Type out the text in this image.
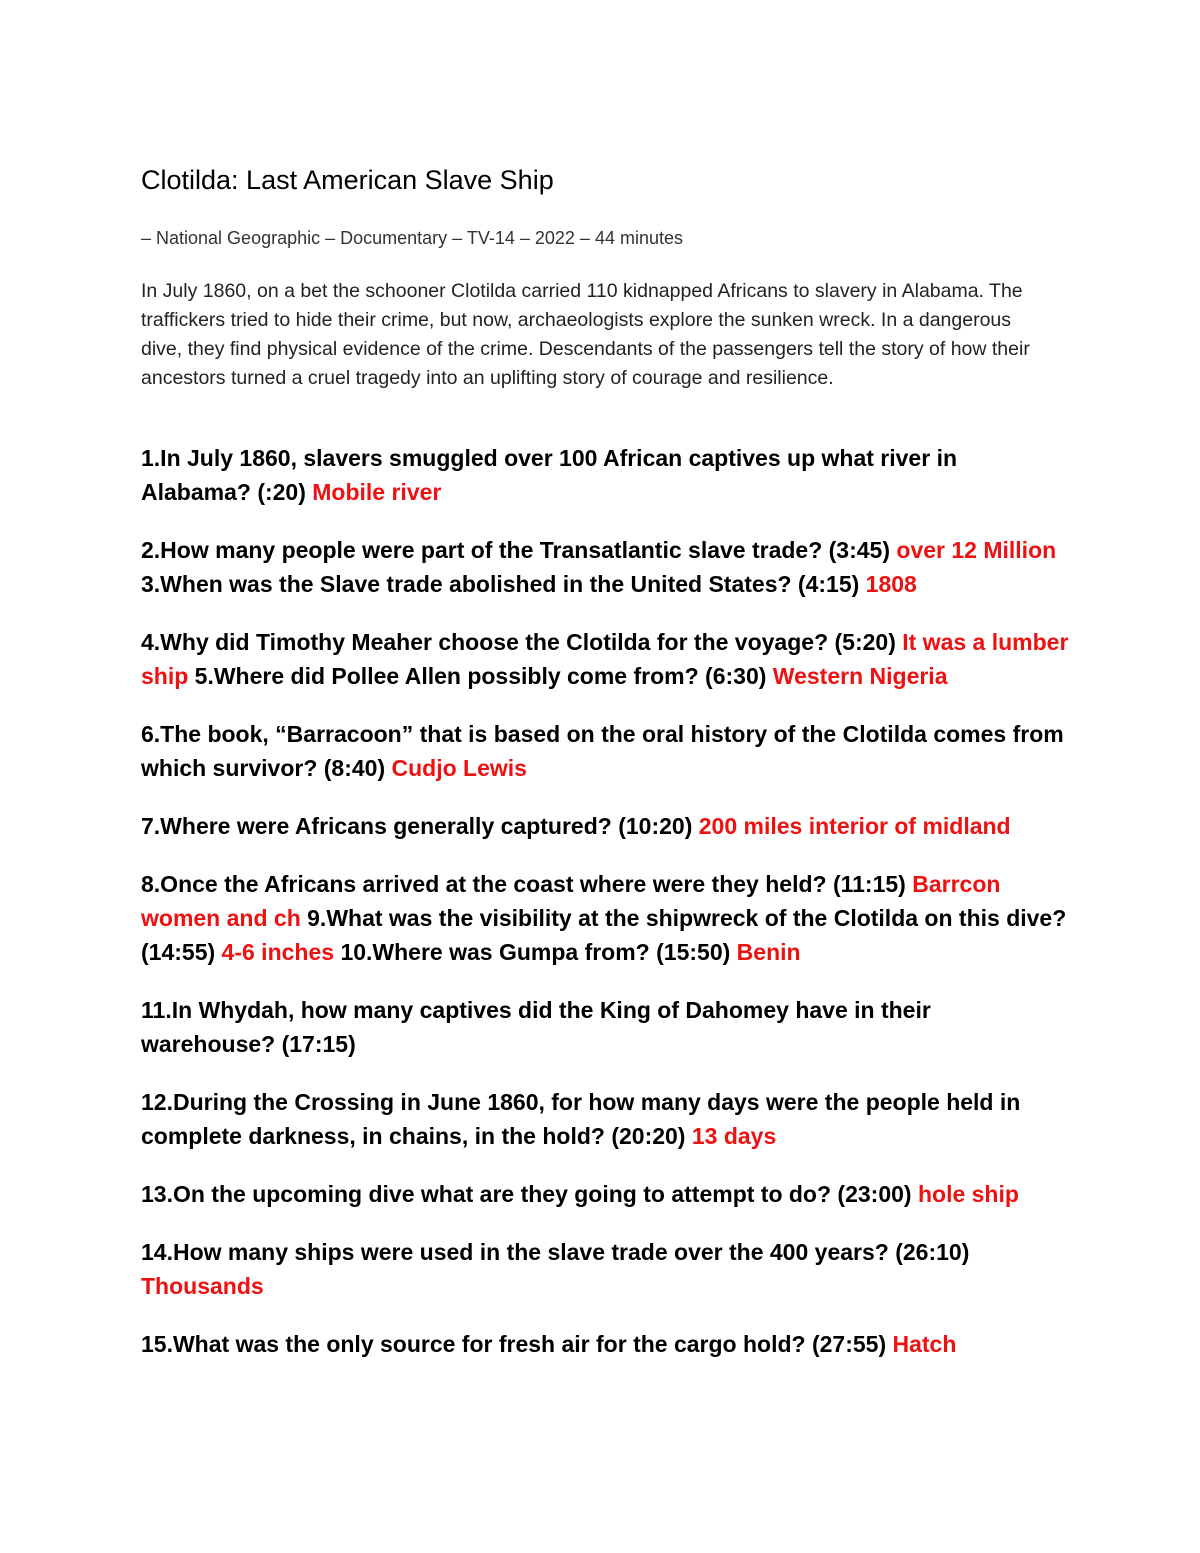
Clotilda: Last American Slave Ship
– National Geographic – Documentary – TV-14 – 2022 – 44 minutes

In July 1860, on a bet the schooner Clotilda carried 110 kidnapped Africans to slavery in Alabama. The traffickers tried to hide their crime, but now, archaeologists explore the sunken wreck. In a dangerous dive, they find physical evidence of the crime. Descendants of the passengers tell the story of how their ancestors turned a cruel tragedy into an uplifting story of courage and resilience.

1.In July 1860, slavers smuggled over 100 African captives up what river in Alabama? (:20) Mobile river

2.How many people were part of the Transatlantic slave trade? (3:45) over 12 Million 3.When was the Slave trade abolished in the United States? (4:15) 1808

4.Why did Timothy Meaher choose the Clotilda for the voyage? (5:20) It was a lumber ship 5.Where did Pollee Allen possibly come from? (6:30) Western Nigeria

6.The book, “Barracoon” that is based on the oral history of the Clotilda comes from which survivor? (8:40) Cudjo Lewis

7.Where were Africans generally captured? (10:20) 200 miles interior of midland

8.Once the Africans arrived at the coast where were they held? (11:15) Barrcon women and ch 9.What was the visibility at the shipwreck of the Clotilda on this dive? (14:55) 4-6 inches 10.Where was Gumpa from? (15:50) Benin

11.In Whydah, how many captives did the King of Dahomey have in their warehouse? (17:15)

12.During the Crossing in June 1860, for how many days were the people held in complete darkness, in chains, in the hold? (20:20) 13 days

13.On the upcoming dive what are they going to attempt to do? (23:00) hole ship

14.How many ships were used in the slave trade over the 400 years? (26:10) Thousands

15.What was the only source for fresh air for the cargo hold? (27:55) Hatch
